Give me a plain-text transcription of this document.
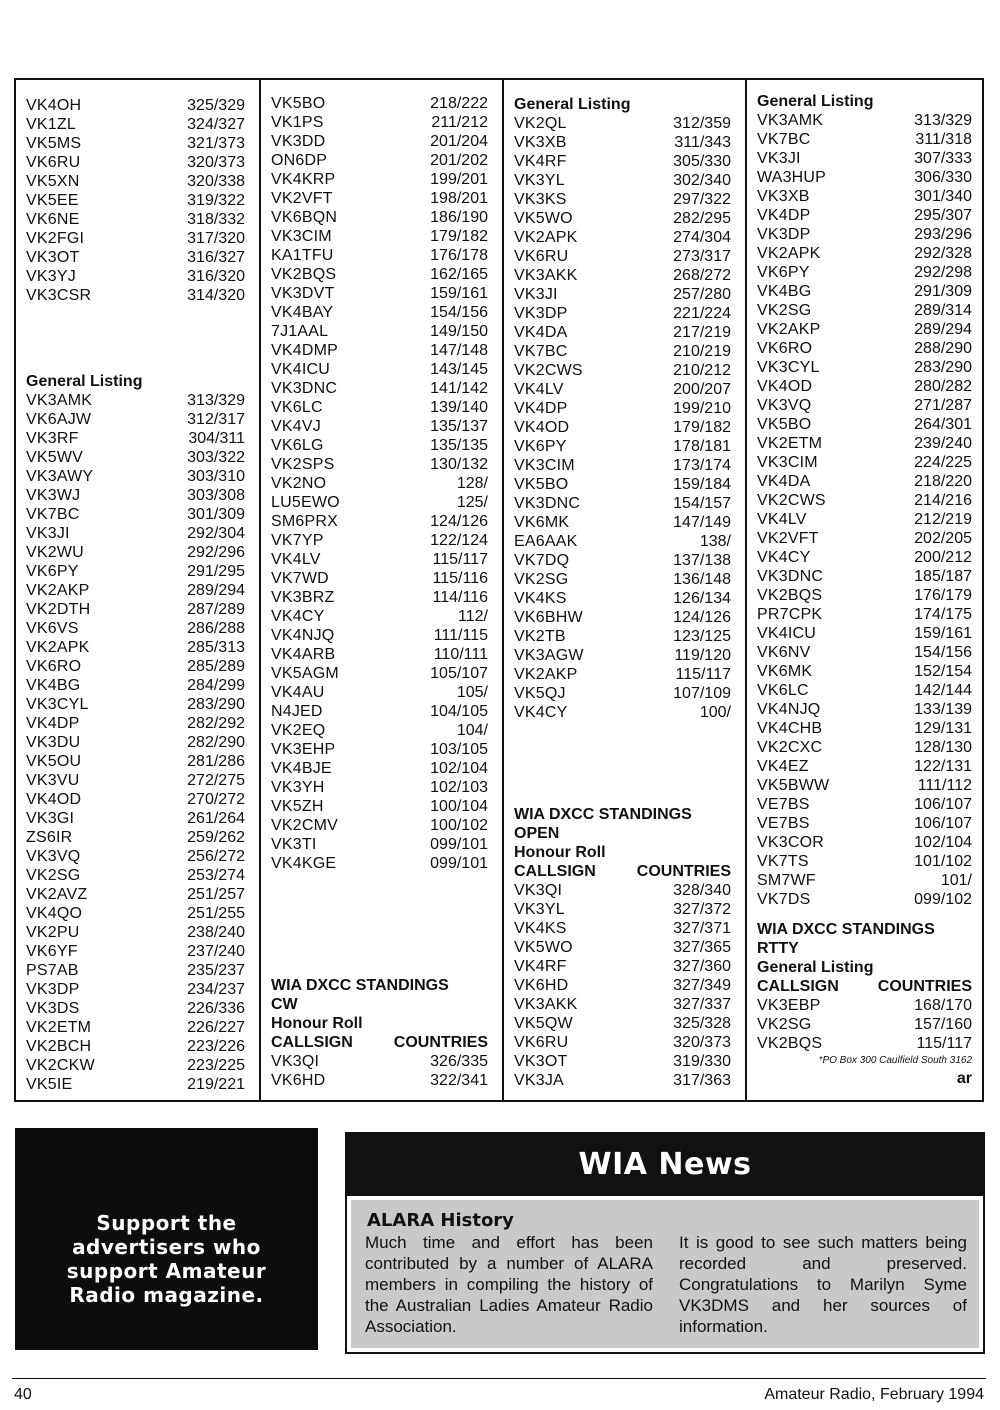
VK4OH	325/329
VK1ZL	324/327
VK5MS	321/373
VK6RU	320/373
VK5XN	320/338
VK5EE	319/322
VK6NE	318/332
VK2FGI	317/320
VK3OT	316/327
VK3YJ	316/320
VK3CSR	314/320
General Listing
VK3AMK	313/329
VK6AJW	312/317
VK3RF	304/311
VK5WV	303/322
VK3AWY	303/310
VK3WJ	303/308
VK7BC	301/309
VK3JI	292/304
VK2WU	292/296
VK6PY	291/295
VK2AKP	289/294
VK2DTH	287/289
VK6VS	286/288
VK2APK	285/313
VK6RO	285/289
VK4BG	284/299
VK3CYL	283/290
VK4DP	282/292
VK3DU	282/290
VK5OU	281/286
VK3VU	272/275
VK4OD	270/272
VK3GI	261/264
ZS6IR	259/262
VK3VQ	256/272
VK2SG	253/274
VK2AVZ	251/257
VK4QO	251/255
VK2PU	238/240
VK6YF	237/240
PS7AB	235/237
VK3DP	234/237
VK3DS	226/336
VK2ETM	226/227
VK2BCH	223/226
VK2CKW	223/225
VK5IE	219/221
VK5BO	218/222
VK1PS	211/212
VK3DD	201/204
ON6DP	201/202
VK4KRP	199/201
VK2VFT	198/201
VK6BQN	186/190
VK3CIM	179/182
KA1TFU	176/178
VK2BQS	162/165
VK3DVT	159/161
VK4BAY	154/156
7J1AAL	149/150
VK4DMP	147/148
VK4ICU	143/145
VK3DNC	141/142
VK6LC	139/140
VK4VJ	135/137
VK6LG	135/135
VK2SPS	130/132
VK2NO	128/
LU5EWO	125/
SM6PRX	124/126
VK7YP	122/124
VK4LV	115/117
VK7WD	115/116
VK3BRZ	114/116
VK4CY	112/
VK4NJQ	111/115
VK4ARB	110/111
VK5AGM	105/107
VK4AU	105/
N4JED	104/105
VK2EQ	104/
VK3EHP	103/105
VK4BJE	102/104
VK3YH	102/103
VK5ZH	100/104
VK2CMV	100/102
VK3TI	099/101
VK4KGE	099/101
WIA DXCC STANDINGS
CW
Honour Roll
CALLSIGN	COUNTRIES
VK3QI	326/335
VK6HD	322/341
General Listing
VK2QL	312/359
VK3XB	311/343
VK4RF	305/330
VK3YL	302/340
VK3KS	297/322
VK5WO	282/295
VK2APK	274/304
VK6RU	273/317
VK3AKK	268/272
VK3JI	257/280
VK3DP	221/224
VK4DA	217/219
VK7BC	210/219
VK2CWS	210/212
VK4LV	200/207
VK4DP	199/210
VK4OD	179/182
VK6PY	178/181
VK3CIM	173/174
VK5BO	159/184
VK3DNC	154/157
VK6MK	147/149
EA6AAK	138/
VK7DQ	137/138
VK2SG	136/148
VK4KS	126/134
VK6BHW	124/126
VK2TB	123/125
VK3AGW	119/120
VK2AKP	115/117
VK5QJ	107/109
VK4CY	100/
WIA DXCC STANDINGS
OPEN
Honour Roll
CALLSIGN	COUNTRIES
VK3QI	328/340
VK3YL	327/372
VK4KS	327/371
VK5WO	327/365
VK4RF	327/360
VK6HD	327/349
VK3AKK	327/337
VK5QW	325/328
VK6RU	320/373
VK3OT	319/330
VK3JA	317/363
General Listing
VK3AMK	313/329
VK7BC	311/318
VK3JI	307/333
WA3HUP	306/330
VK3XB	301/340
VK4DP	295/307
VK3DP	293/296
VK2APK	292/328
VK6PY	292/298
VK4BG	291/309
VK2SG	289/314
VK2AKP	289/294
VK6RO	288/290
VK3CYL	283/290
VK4OD	280/282
VK3VQ	271/287
VK5BO	264/301
VK2ETM	239/240
VK3CIM	224/225
VK4DA	218/220
VK2CWS	214/216
VK4LV	212/219
VK2VFT	202/205
VK4CY	200/212
VK3DNC	185/187
VK2BQS	176/179
PR7CPK	174/175
VK4ICU	159/161
VK6NV	154/156
VK6MK	152/154
VK6LC	142/144
VK4NJQ	133/139
VK4CHB	129/131
VK2CXC	128/130
VK4EZ	122/131
VK5BWW	111/112
VE7BS	106/107
VE7BS	106/107
VK3COR	102/104
VK7TS	101/102
SM7WF	101/
VK7DS	099/102
WIA DXCC STANDINGS
RTTY
General Listing
CALLSIGN COUNTRIES
VK3EBP	168/170
VK2SG	157/160
VK2BQS	115/117
*PO Box 300 Caulfield South 3162
ar
Support the advertisers who support Amateur Radio magazine.
WIA News
ALARA History
Much time and effort has been contributed by a number of ALARA members in compiling the history of the Australian Ladies Amateur Radio Association.
It is good to see such matters being recorded and preserved. Congratulations to Marilyn Syme VK3DMS and her sources of information.
40	Amateur Radio, February 1994
